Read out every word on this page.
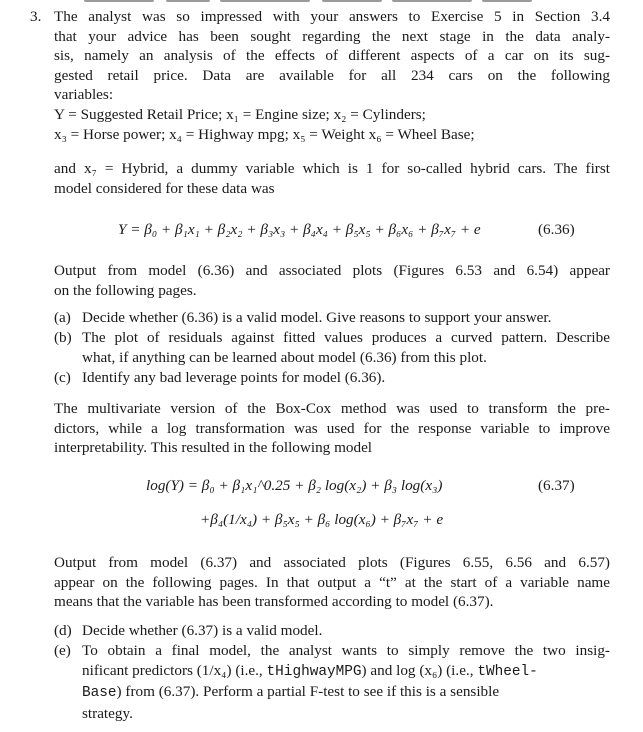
3. The analyst was so impressed with your answers to Exercise 5 in Section 3.4
that your advice has been sought regarding the next stage in the data analy-
sis, namely an analysis of the effects of different aspects of a car on its sug-
gested retail price. Data are available for all 234 cars on the following
variables:
Y = Suggested Retail Price; x₁ = Engine size; x₂ = Cylinders;
x₃ = Horse power; x₄ = Highway mpg; x₅ = Weight x₆ = Wheel Base;
and x₇ = Hybrid, a dummy variable which is 1 for so-called hybrid cars. The first
model considered for these data was
Y = β₀ + β₁x₁ + β₂x₂ + β₃x₃ + β₄x₄ + β₅x₅ + β₆x₆ + β₇x₇ + e	(6.36)
Output from model (6.36) and associated plots (Figures 6.53 and 6.54) appear
on the following pages.
(a) Decide whether (6.36) is a valid model. Give reasons to support your answer.
(b) The plot of residuals against fitted values produces a curved pattern. Describe
what, if anything can be learned about model (6.36) from this plot.
(c) Identify any bad leverage points for model (6.36).
The multivariate version of the Box-Cox method was used to transform the pre-
dictors, while a log transformation was used for the response variable to improve
interpretability. This resulted in the following model
log(Y) = β₀ + β₁x₁^0.25 + β₂ log(x₂) + β₃ log(x₃)	(6.37)
+β₄(1/x₄) + β₅x₅ + β₆ log(x₆) + β₇x₇ + e
Output from model (6.37) and associated plots (Figures 6.55, 6.56 and 6.57)
appear on the following pages. In that output a “t” at the start of a variable name
means that the variable has been transformed according to model (6.37).
(d) Decide whether (6.37) is a valid model.
(e) To obtain a final model, the analyst wants to simply remove the two insig-
nificant predictors (1/x₄) (i.e., tHighwayMPG) and log (x₆) (i.e., tWheel-
Base) from (6.37). Perform a partial F-test to see if this is a sensible
strategy.
